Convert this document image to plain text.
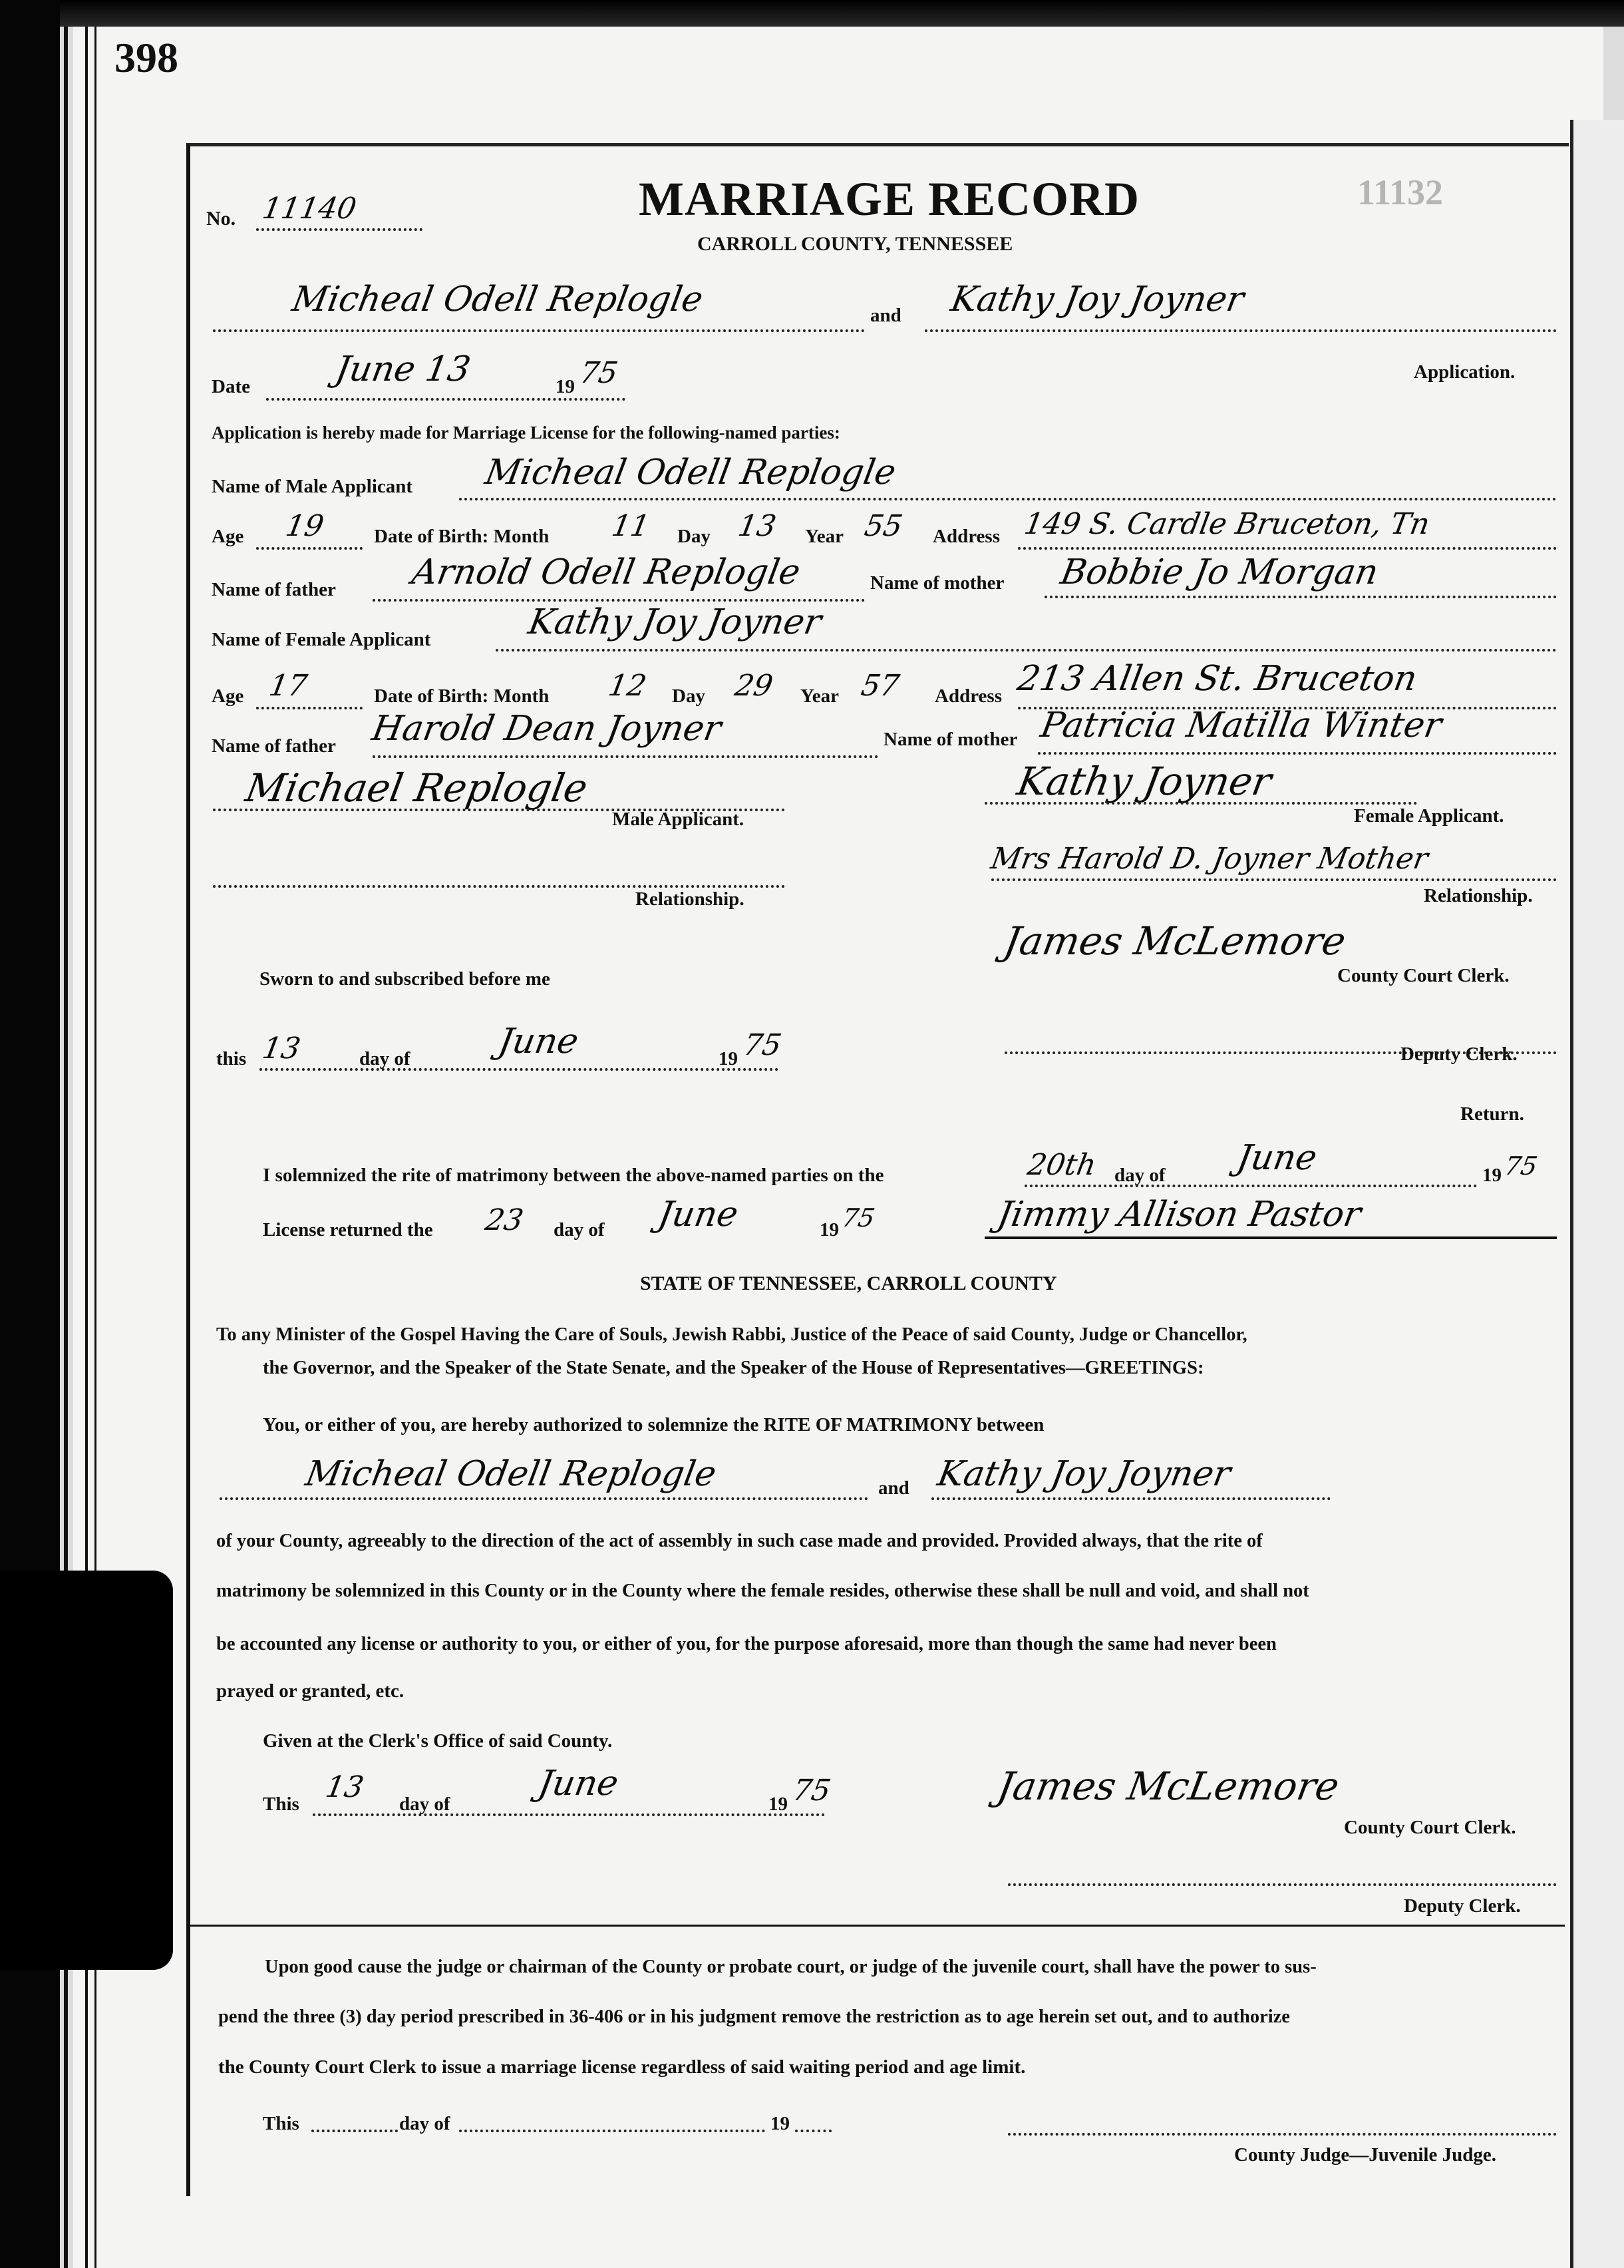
11132
398
No. 11140	MARRIAGE RECORD
CARROLL COUNTY, TENNESSEE
Micheal Odell Replogle	and Kathy Joy Joyner
Date June 13	19 75	Application.
Application is hereby made for Marriage License for the following-named parties:
Name of Male Applicant Micheal Odell Replogle
Age 19 Date of Birth: Month 11 Day 13 Year 55 Address 149 S. Cardle Bruceton, Tn
Name of father Arnold Odell Replogle	Name of mother Bobbie Jo Morgan
Name of Female Applicant	Kathy Joy Joyner
Age 17	Date of Birth: Month 12 Day 29 Year 57 Address 213 Allen St. Bruceton
Name of father Harold Dean Joyner	Name of mother Patricia Matilla Winter
Michael Replogle
Male Applicant.
Kathy Joyner
Female Applicant.
Relationship.
Mrs Harold D. Joyner Mother
Relationship.
Sworn to and subscribed before me
James McLemore
County Court Clerk.
this 13	day of June	19 75	Deputy Clerk.
Return.
I solemnized the rite of matrimony between the above-named parties on the	20th day of June	19 75
License returned the 23 day of June	19 75	Jimmy Allison Pastor
STATE OF TENNESSEE, CARROLL COUNTY
To any Minister of the Gospel Having the Care of Souls, Jewish Rabbi, Justice of the Peace of said County, Judge or Chancellor,
the Governor, and the Speaker of the State Senate, and the Speaker of the House of Representatives—GREETINGS:
You, or either of you, are hereby authorized to solemnize the RITE OF MATRIMONY between
Micheal Odell Replogle	and Kathy Joy Joyner
of your County, agreeably to the direction of the act of assembly in such case made and provided. Provided always, that the rite of
matrimony be solemnized in this County or in the County where the female resides, otherwise these shall be null and void, and shall not
be accounted any license or authority to you, or either of you, for the purpose aforesaid, more than though the same had never been
prayed or granted, etc.
Given at the Clerk's Office of said County.
This 13 day of
June
19 75	James McLemore
County Court Clerk.
Deputy Clerk.
Upon good cause the judge or chairman of the County or probate court, or judge of the juvenile court, shall have the power to sus-
pend the three (3) day period prescribed in 36-406 or in his judgment remove the restriction as to age herein set out, and to authorize
the County Court Clerk to issue a marriage license regardless of said waiting period and age limit.
This	day of	19
County Judge—Juvenile Judge.
